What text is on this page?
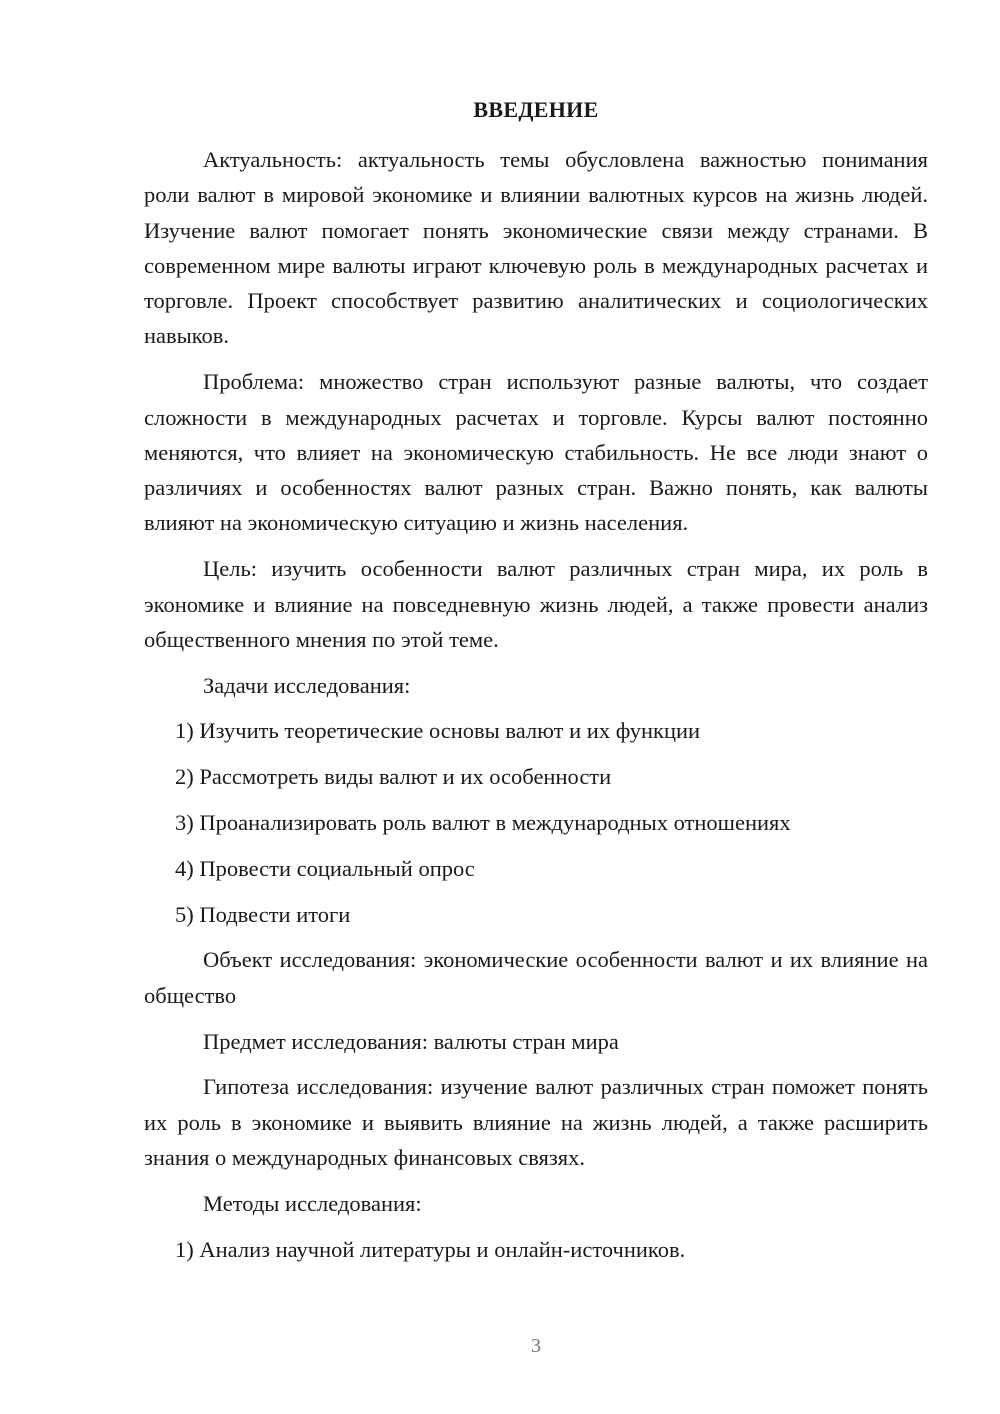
ВВЕДЕНИЕ

Актуальность: актуальность темы обусловлена важностью понимания роли валют в мировой экономике и влиянии валютных курсов на жизнь людей. Изучение валют помогает понять экономические связи между странами. В современном мире валюты играют ключевую роль в международных расчетах и торговле. Проект способствует развитию аналитических и социологических навыков.

Проблема: множество стран используют разные валюты, что создает сложности в международных расчетах и торговле. Курсы валют постоянно меняются, что влияет на экономическую стабильность. Не все люди знают о различиях и особенностях валют разных стран. Важно понять, как валюты влияют на экономическую ситуацию и жизнь населения.

Цель: изучить особенности валют различных стран мира, их роль в экономике и влияние на повседневную жизнь людей, а также провести анализ общественного мнения по этой теме.

Задачи исследования:

1) Изучить теоретические основы валют и их функции

2) Рассмотреть виды валют и их особенности

3) Проанализировать роль валют в международных отношениях

4) Провести социальный опрос

5) Подвести итоги

Объект исследования: экономические особенности валют и их влияние на общество

Предмет исследования: валюты стран мира

Гипотеза исследования: изучение валют различных стран поможет понять их роль в экономике и выявить влияние на жизнь людей, а также расширить знания о международных финансовых связях.

Методы исследования:

1) Анализ научной литературы и онлайн-источников.

3
